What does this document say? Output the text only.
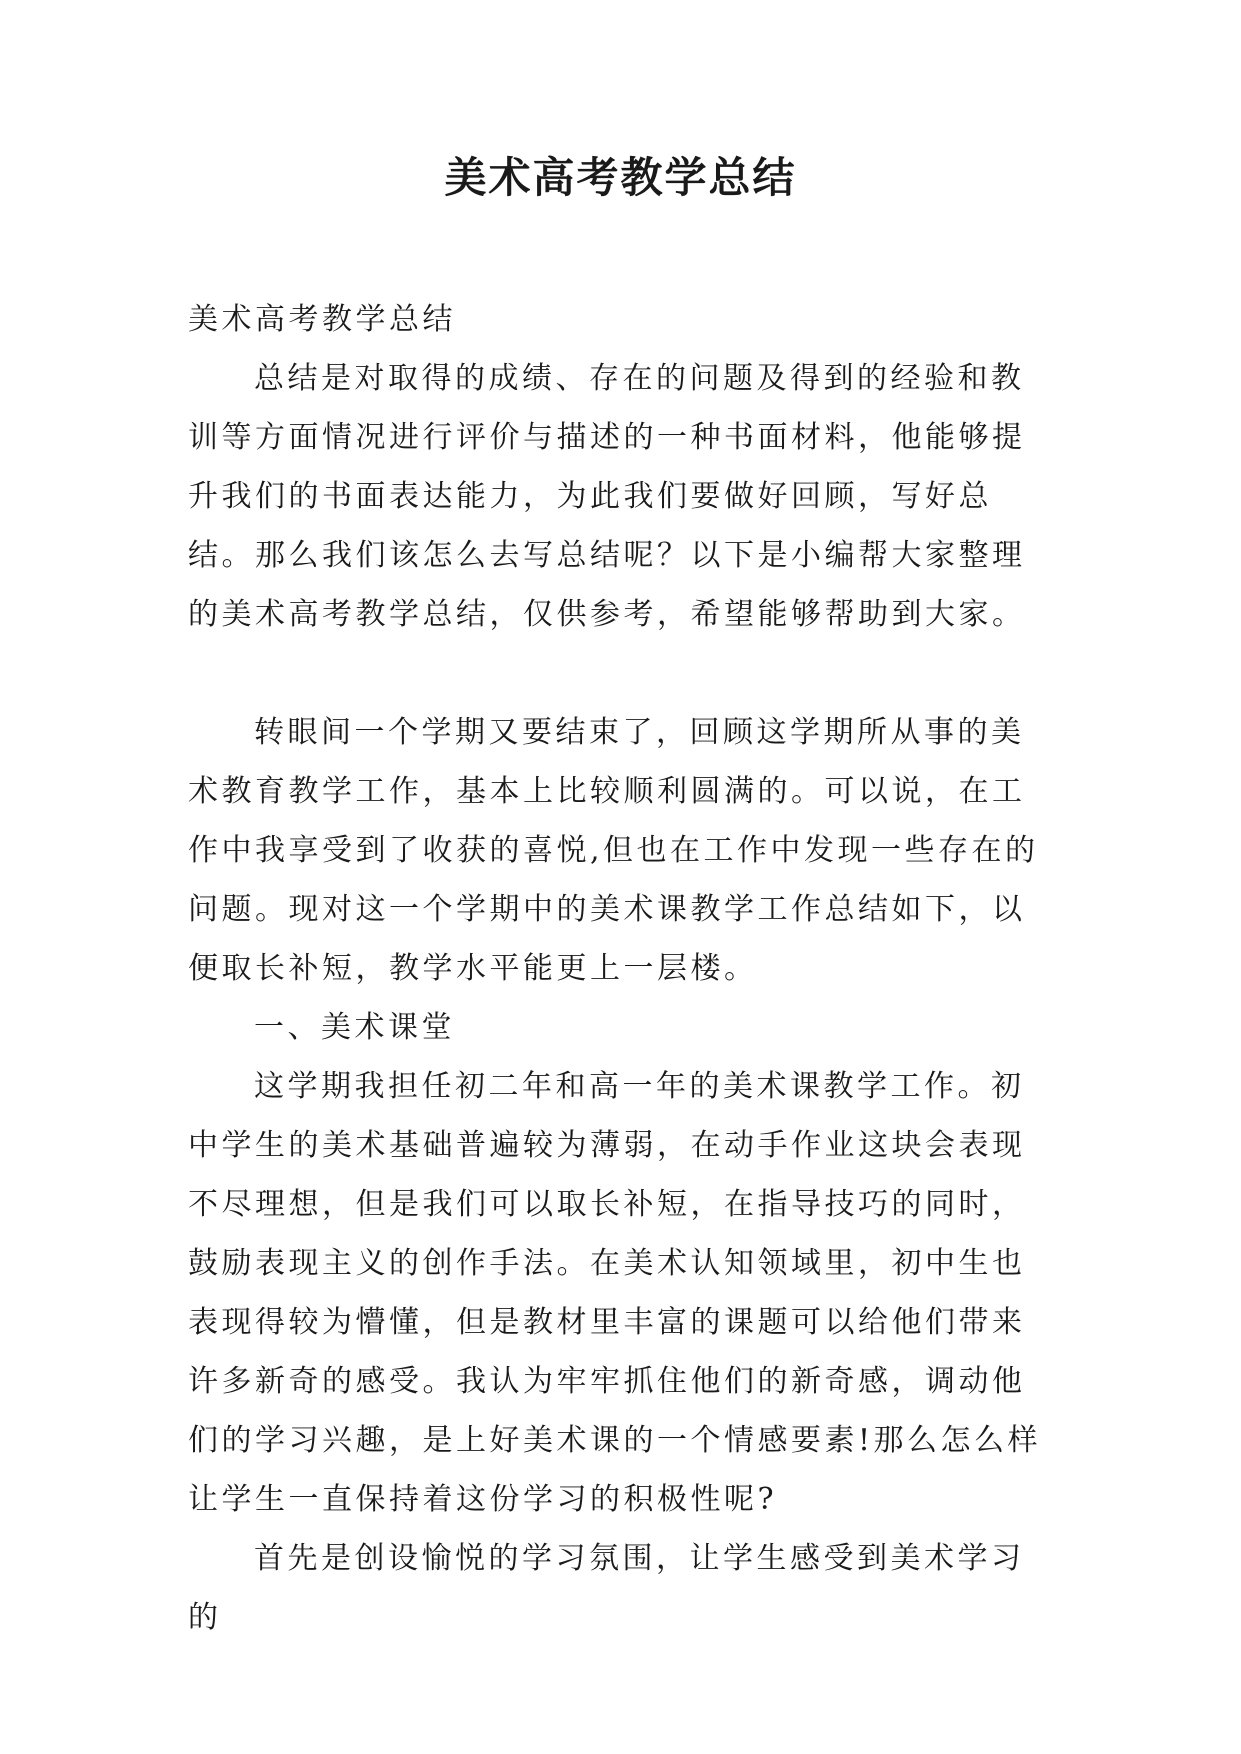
美术高考教学总结

美术高考教学总结

总结是对取得的成绩、存在的问题及得到的经验和教训等方面情况进行评价与描述的一种书面材料，他能够提升我们的书面表达能力，为此我们要做好回顾，写好总结。那么我们该怎么去写总结呢？以下是小编帮大家整理的美术高考教学总结，仅供参考，希望能够帮助到大家。

转眼间一个学期又要结束了，回顾这学期所从事的美术教育教学工作，基本上比较顺利圆满的。可以说，在工作中我享受到了收获的喜悦,但也在工作中发现一些存在的问题。现对这一个学期中的美术课教学工作总结如下，以便取长补短，教学水平能更上一层楼。

一、美术课堂

这学期我担任初二年和高一年的美术课教学工作。初中学生的美术基础普遍较为薄弱，在动手作业这块会表现不尽理想，但是我们可以取长补短，在指导技巧的同时，鼓励表现主义的创作手法。在美术认知领域里，初中生也表现得较为懵懂，但是教材里丰富的课题可以给他们带来许多新奇的感受。我认为牢牢抓住他们的新奇感，调动他们的学习兴趣，是上好美术课的一个情感要素!那么怎么样让学生一直保持着这份学习的积极性呢?

首先是创设愉悦的学习氛围，让学生感受到美术学习的
